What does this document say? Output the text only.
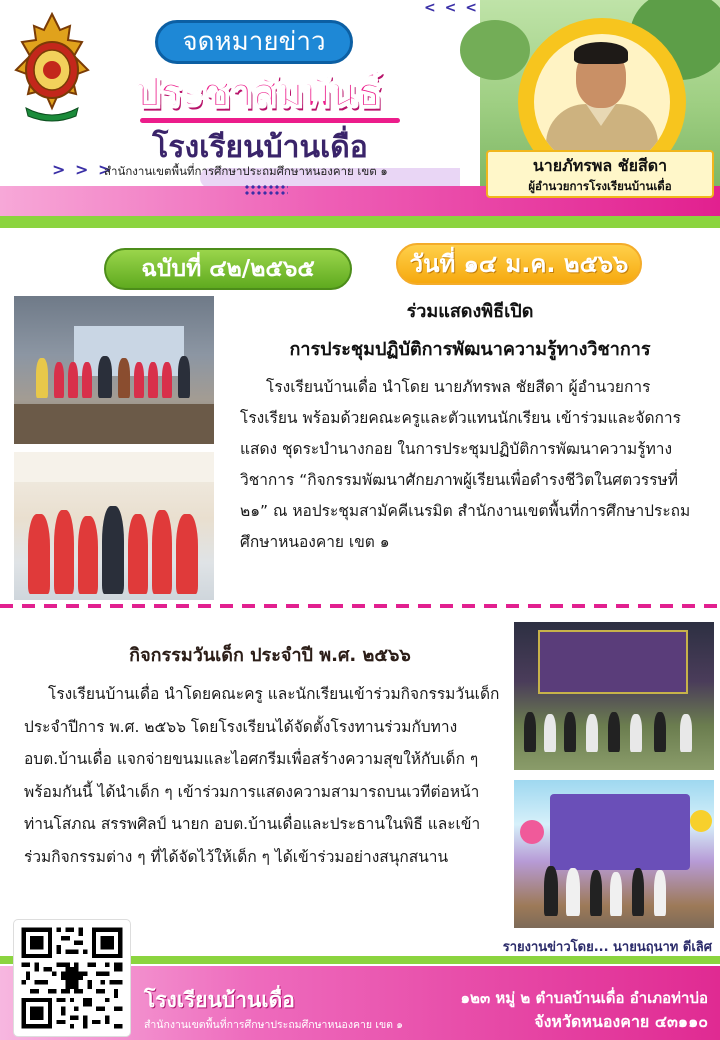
จดหมายข่าว
ประชาสัมพันธ์
โรงเรียนบ้านเดื่อ
> > >
สำนักงานเขตพื้นที่การศึกษาประถมศึกษาหนองคาย เขต ๑
< < <
นายภัทรพล ชัยสีดา
ผู้อำนวยการโรงเรียนบ้านเดื่อ
ฉบับที่ ๔๒/๒๕๖๕	วันที่ ๑๔ ม.ค. ๒๕๖๖
ร่วมแสดงพิธีเปิด
การประชุมปฏิบัติการพัฒนาความรู้ทางวิชาการ
โรงเรียนบ้านเดื่อ นำโดย นายภัทรพล ชัยสีดา ผู้อำนวยการโรงเรียน พร้อมด้วยคณะครูและตัวแทนนักเรียน เข้าร่วมและจัดการแสดง ชุดระบำนางกอย ในการประชุมปฏิบัติการพัฒนาความรู้ทางวิชาการ “กิจกรรมพัฒนาศักยภาพผู้เรียนเพื่อดำรงชีวิตในศตวรรษที่ ๒๑” ณ หอประชุมสามัคคีเนรมิต สำนักงานเขตพื้นที่การศึกษาประถมศึกษาหนองคาย เขต ๑
กิจกรรมวันเด็ก ประจำปี พ.ศ. ๒๕๖๖
โรงเรียนบ้านเดื่อ นำโดยคณะครู และนักเรียนเข้าร่วมกิจกรรมวันเด็กประจำปีการ พ.ศ. ๒๕๖๖ โดยโรงเรียนได้จัดตั้งโรงทานร่วมกับทาง อบต.บ้านเดื่อ แจกจ่ายขนมและไอศกรีมเพื่อสร้างความสุขให้กับเด็ก ๆ พร้อมกันนี้ ได้นำเด็ก ๆ เข้าร่วมการแสดงความสามารถบนเวทีต่อหน้าท่านโสภณ สรรพศิลป์ นายก อบต.บ้านเดื่อและประธานในพิธี และเข้าร่วมกิจกรรมต่าง ๆ ที่ได้จัดไว้ให้เด็ก ๆ ได้เข้าร่วมอย่างสนุกสนาน
รายงานข่าวโดย... นายนฤนาท ดีเลิศ
โรงเรียนบ้านเดื่อ
สำนักงานเขตพื้นที่การศึกษาประถมศึกษาหนองคาย เขต ๑
๑๒๓ หมู่ ๒ ตำบลบ้านเดื่อ อำเภอท่าบ่อ
จังหวัดหนองคาย ๔๓๑๑๐
